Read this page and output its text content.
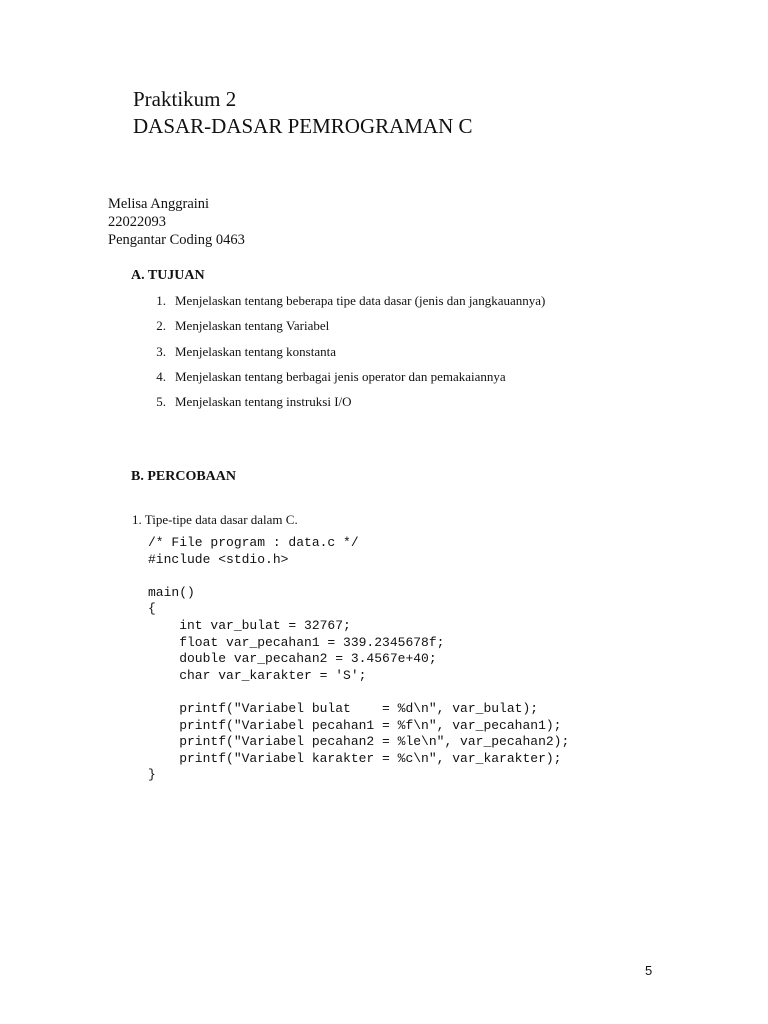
Praktikum 2
DASAR-DASAR PEMROGRAMAN C
Melisa Anggraini
22022093
Pengantar Coding 0463
A. TUJUAN
1. Menjelaskan tentang beberapa tipe data dasar (jenis dan jangkauannya)
2. Menjelaskan tentang Variabel
3. Menjelaskan tentang konstanta
4. Menjelaskan tentang berbagai jenis operator dan pemakaiannya
5. Menjelaskan tentang instruksi I/O
B. PERCOBAAN
1. Tipe-tipe data dasar dalam C.
/* File program : data.c */
#include <stdio.h>

main()
{
int var_bulat = 32767;
float var_pecahan1 = 339.2345678f;
double var_pecahan2 = 3.4567e+40;
char var_karakter = 'S';

printf("Variabel bulat    = %d\n", var_bulat);
printf("Variabel pecahan1 = %f\n", var_pecahan1);
printf("Variabel pecahan2 = %le\n", var_pecahan2);
printf("Variabel karakter = %c\n", var_karakter);
}
5
